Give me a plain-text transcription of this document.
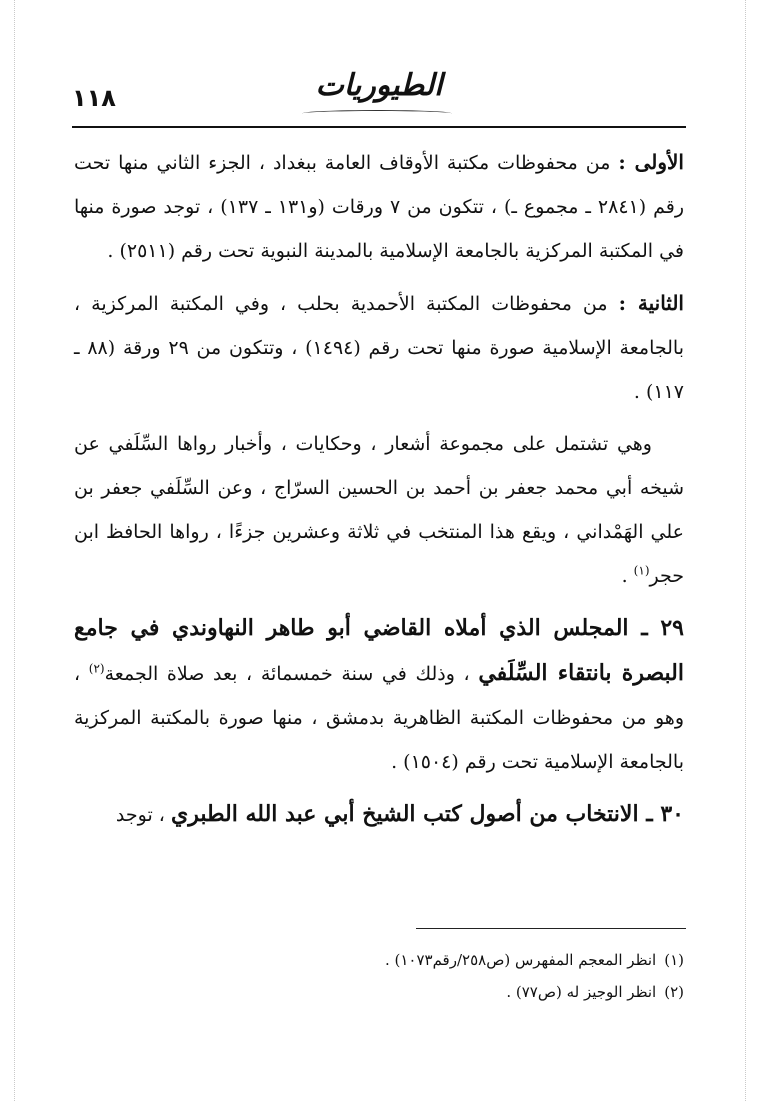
١١٨	الطيوريات

الأولى : من محفوظات مكتبة الأوقاف العامة ببغداد ، الجزء الثاني منها تحت رقم (٢٨٤١ ـ مجموع ـ) ، تتكون من ٧ ورقات (و١٣١ ـ ١٣٧) ، توجد صورة منها في المكتبة المركزية بالجامعة الإسلامية بالمدينة النبوية تحت رقم (٢٥١١) .

الثانية : من محفوظات المكتبة الأحمدية بحلب ، وفي المكتبة المركزية ، بالجامعة الإسلامية صورة منها تحت رقم (١٤٩٤) ، وتتكون من ٢٩ ورقة (٨٨ ـ ١١٧) .

وهي تشتمل على مجموعة أشعار ، وحكايات ، وأخبار رواها السِّلَفي عن شيخه أبي محمد جعفر بن أحمد بن الحسين السرّاج ، وعن السِّلَفي جعفر بن علي الهَمْداني ، ويقع هذا المنتخب في ثلاثة وعشرين جزءًا ، رواها الحافظ ابن حجر$^{(١)}$ .

٢٩ ـ المجلس الذي أملاه القاضي أبو طاهر النهاوندي في جامع البصرة بانتقاء السِّلَفي ، وذلك في سنة خمسمائة ، بعد صلاة الجمعة$^{(٢)}$ ، وهو من محفوظات المكتبة الظاهرية بدمشق ، منها صورة بالمكتبة المركزية بالجامعة الإسلامية تحت رقم (١٥٠٤) .

٣٠ ـ الانتخاب من أصول كتب الشيخ أبي عبد الله الطبري ، توجد

(١)انظر المعجم المفهرس (ص٢٥٨/رقم١٠٧٣) .
(٢)انظر الوجيز له (ص٧٧) .
